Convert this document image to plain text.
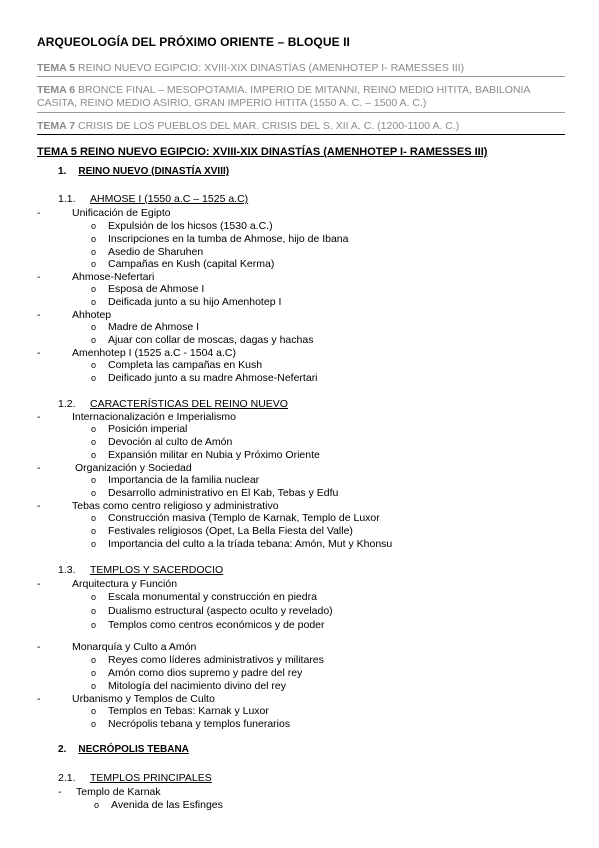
ARQUEOLOGÍA DEL PRÓXIMO ORIENTE – BLOQUE II
TEMA 5 REINO NUEVO EGIPCIO: XVIII-XIX DINASTÍAS (AMENHOTEP I- RAMESSES III)
TEMA 6 BRONCE FINAL – MESOPOTAMIA. IMPERIO DE MITANNI, REINO MEDIO HITITA, BABILONIA
CASITA, REINO MEDIO ASIRIO, GRAN IMPERIO HITITA (1550 A. C. – 1500 A. C.)
TEMA 7 CRISIS DE LOS PUEBLOS DEL MAR. CRISIS DEL S. XII A. C. (1200-1100 A. C.)
TEMA 5 REINO NUEVO EGIPCIO: XVIII-XIX DINASTÍAS (AMENHOTEP I- RAMESSES III)
1. REINO NUEVO (DINASTÍA XVIII)
1.1. AHMOSE I (1550 a.C – 1525 a.C)
-	Unificación de Egipto
o Expulsión de los hicsos (1530 a.C.)
o Inscripciones en la tumba de Ahmose, hijo de Ibana
o Asedio de Sharuhen
o Campañas en Kush (capital Kerma)
-	Ahmose-Nefertari
o Esposa de Ahmose I
o Deificada junto a su hijo Amenhotep I
-	Ahhotep
o Madre de Ahmose I
o Ajuar con collar de moscas, dagas y hachas
-	Amenhotep I (1525 a.C - 1504 a.C)
o Completa las campañas en Kush
o Deificado junto a su madre Ahmose-Nefertari
1.2. CARACTERÍSTICAS DEL REINO NUEVO
-	Internacionalización e Imperialismo
o Posición imperial
o Devoción al culto de Amón
o Expansión militar en Nubia y Próximo Oriente
-	Organización y Sociedad
o Importancia de la familia nuclear
o Desarrollo administrativo en El Kab, Tebas y Edfu
-	Tebas como centro religioso y administrativo
o Construcción masiva (Templo de Karnak, Templo de Luxor
o Festivales religiosos (Opet, La Bella Fiesta del Valle)
o Importancia del culto a la tríada tebana: Amón, Mut y Khonsu
1.3. TEMPLOS Y SACERDOCIO
-	Arquitectura y Función
o Escala monumental y construcción en piedra
o Dualismo estructural (aspecto oculto y revelado)
o Templos como centros económicos y de poder
-	Monarquía y Culto a Amón
o Reyes como líderes administrativos y militares
o Amón como dios supremo y padre del rey
o Mitología del nacimiento divino del rey
-	Urbanismo y Templos de Culto
o Templos en Tebas: Karnak y Luxor
o Necrópolis tebana y templos funerarios
2. NECRÓPOLIS TEBANA
2.1. TEMPLOS PRINCIPALES
- Templo de Karnak
o Avenida de las Esfinges
